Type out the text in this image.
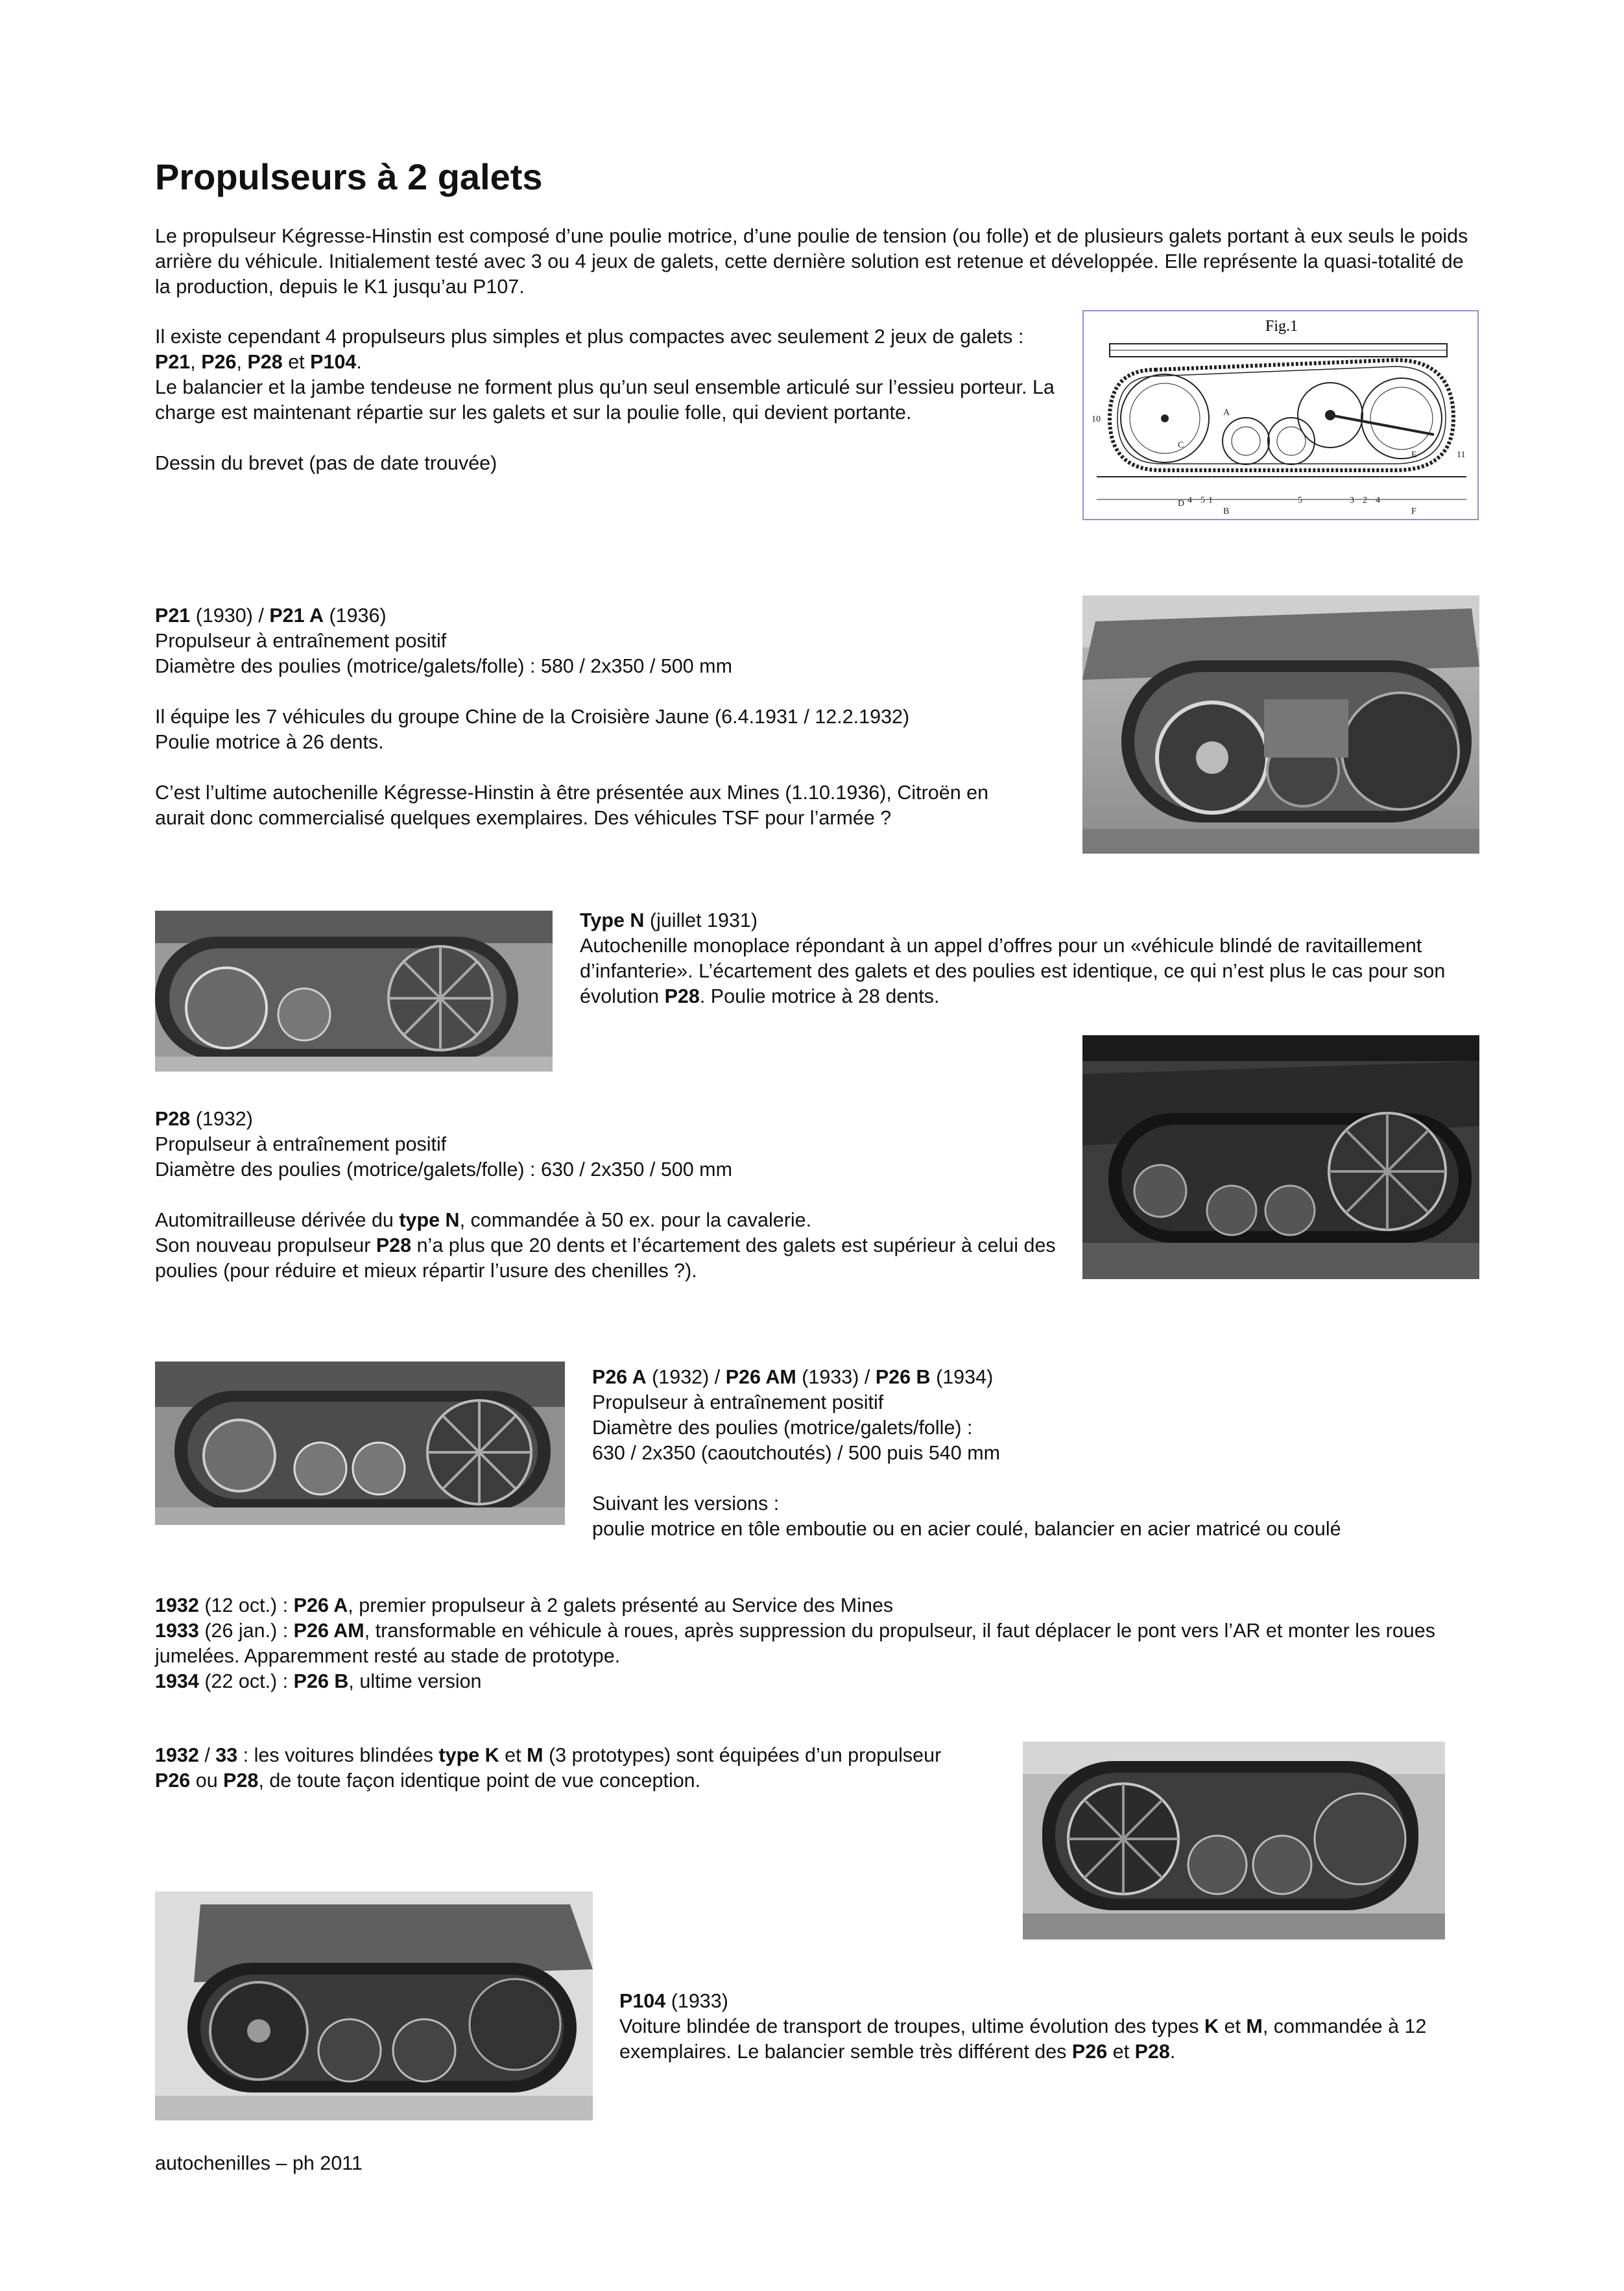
Propulseurs à 2 galets

Le propulseur Kégresse-Hinstin est composé d’une poulie motrice, d’une poulie de tension (ou folle) et de plusieurs galets portant à eux seuls le poids arrière du véhicule. Initialement testé avec 3 ou 4 jeux de galets, cette dernière solution est retenue et développée. Elle représente la quasi-totalité de la production, depuis le K1 jusqu’au P107.

Il existe cependant 4 propulseurs plus simples et plus compactes avec seulement 2 jeux de galets : P21, P26, P28 et P104.

Le balancier et la jambe tendeuse ne forment plus qu’un seul ensemble articulé sur l’essieu porteur. La charge est maintenant répartie sur les galets et sur la poulie folle, qui devient portante.

Dessin du brevet (pas de date trouvée)

Fig.1
10
C
A
E	11
D 4 5 1
B
5	3 2 4
F

P21 (1930) / P21 A (1936)

Propulseur à entraînement positif

Diamètre des poulies (motrice/galets/folle) : 580 / 2x350 / 500 mm

Il équipe les 7 véhicules du groupe Chine de la Croisière Jaune (6.4.1931 / 12.2.1932)

Poulie motrice à 26 dents.

C’est l’ultime autochenille Kégresse-Hinstin à être présentée aux Mines (1.10.1936), Citroën en aurait donc commercialisé quelques exemplaires. Des véhicules TSF pour l’armée ?

Type N (juillet 1931)

Autochenille monoplace répondant à un appel d’offres pour un «véhicule blindé de ravitaillement d’infanterie». L’écartement des galets et des poulies est identique, ce qui n’est plus le cas pour son évolution P28. Poulie motrice à 28 dents.

P28 (1932)

Propulseur à entraînement positif

Diamètre des poulies (motrice/galets/folle) : 630 / 2x350 / 500 mm

Automitrailleuse dérivée du type N, commandée à 50 ex. pour la cavalerie.

Son nouveau propulseur P28 n’a plus que 20 dents et l’écartement des galets est supérieur à celui des poulies (pour réduire et mieux répartir l’usure des chenilles ?).

P26 A (1932) / P26 AM (1933) / P26 B (1934)

Propulseur à entraînement positif

Diamètre des poulies (motrice/galets/folle) :

630 / 2x350 (caoutchoutés) / 500 puis 540 mm

Suivant les versions :

poulie motrice en tôle emboutie ou en acier coulé, balancier en acier matricé ou coulé

1932 (12 oct.) : P26 A, premier propulseur à 2 galets présenté au Service des Mines

1933 (26 jan.) : P26 AM, transformable en véhicule à roues, après suppression du propulseur, il faut déplacer le pont vers l’AR et monter les roues jumelées. Apparemment resté au stade de prototype.

1934 (22 oct.) : P26 B, ultime version

1932 / 33 : les voitures blindées type K et M (3 prototypes) sont équipées d’un propulseur P26 ou P28, de toute façon identique point de vue conception.

P104 (1933)

Voiture blindée de transport de troupes, ultime évolution des types K et M, commandée à 12 exemplaires. Le balancier semble très différent des P26 et P28.

autochenilles – ph 2011
